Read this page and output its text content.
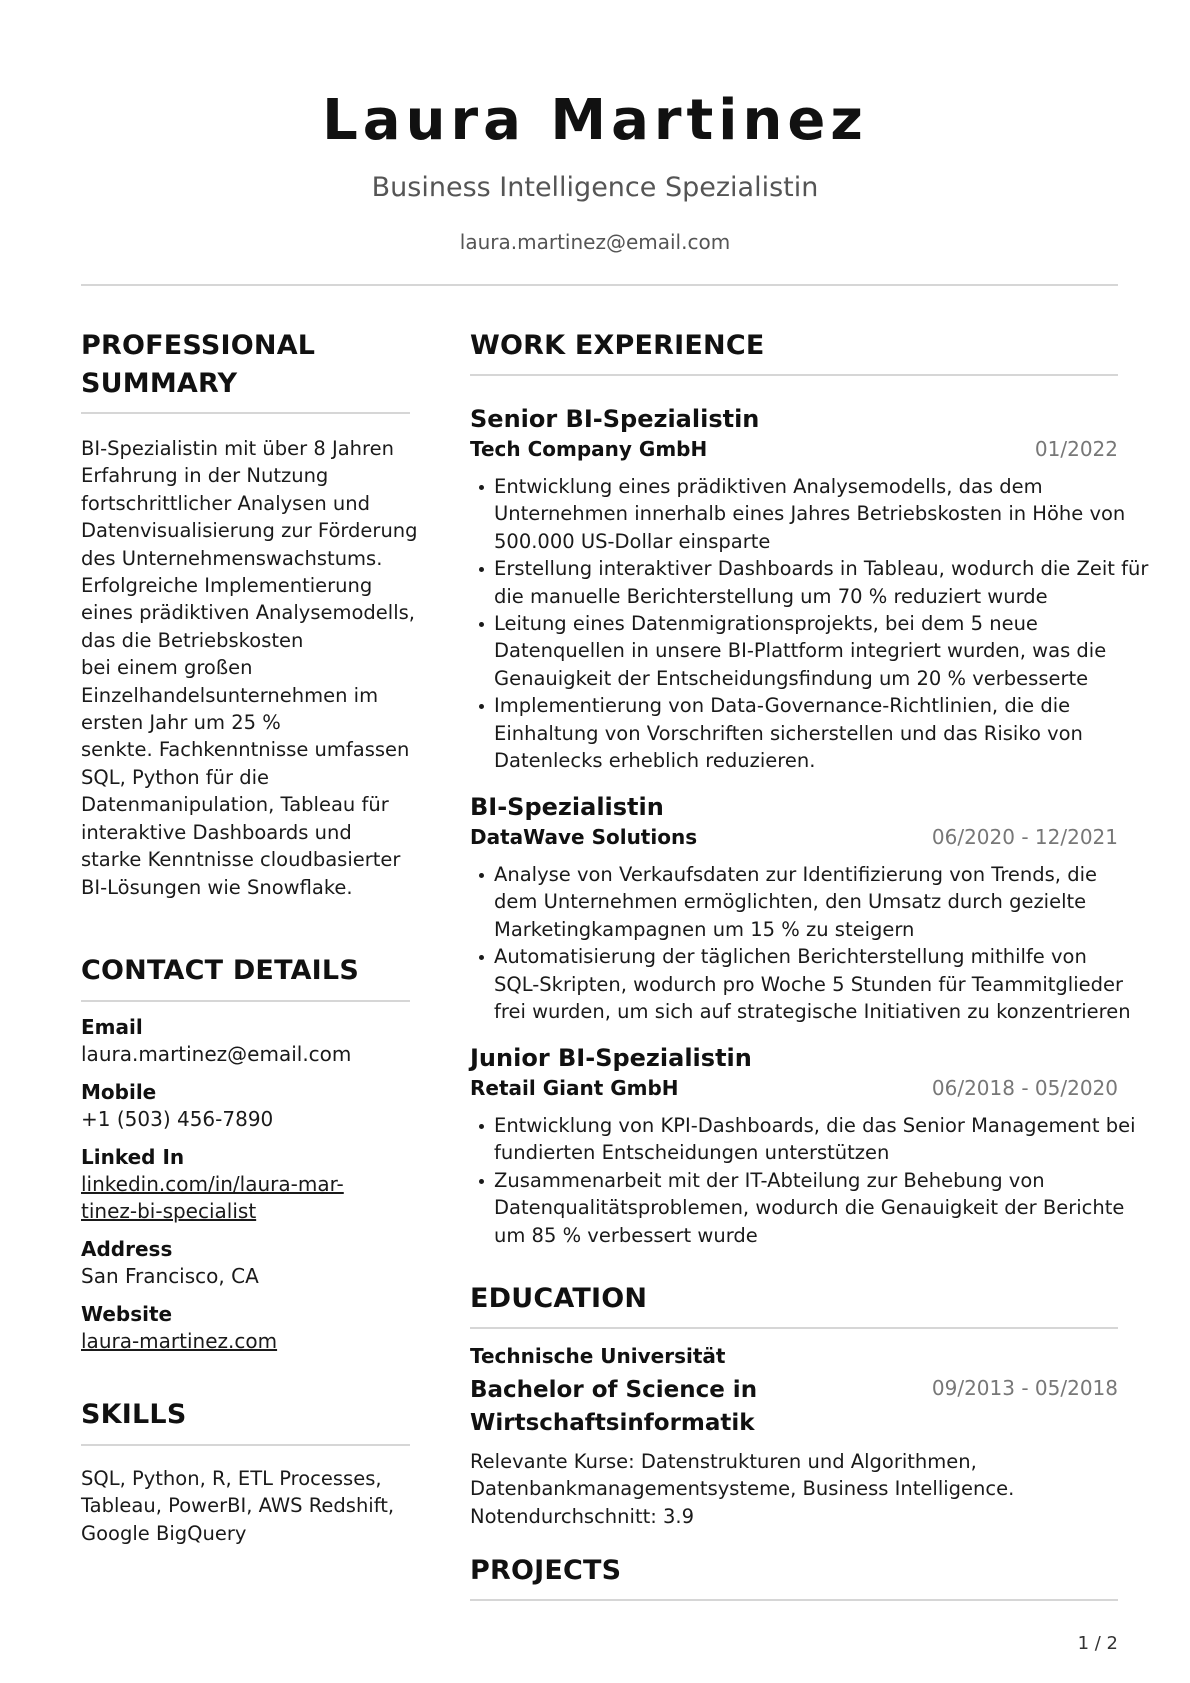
Laura Martinez
Business Intelligence Spezialistin
laura.martinez@email.com
PROFESSIONAL
SUMMARY
BI-Spezialistin mit über 8 Jahren
Erfahrung in der Nutzung
fortschrittlicher Analysen und
Datenvisualisierung zur Förderung
des Unternehmenswachstums.
Erfolgreiche Implementierung
eines prädiktiven Analysemodells,
das die Betriebskosten
bei einem großen
Einzelhandelsunternehmen im
ersten Jahr um 25 %
senkte. Fachkenntnisse umfassen
SQL, Python für die
Datenmanipulation, Tableau für
interaktive Dashboards und
starke Kenntnisse cloudbasierter
BI-Lösungen wie Snowflake.
CONTACT DETAILS
Email
laura.martinez@email.com
Mobile
+1 (503) 456-7890
Linked In
linkedin.com/in/laura-mar-
tinez-bi-specialist
Address
San Francisco, CA
Website
laura-martinez.com
SKILLS
SQL, Python, R, ETL Processes,
Tableau, PowerBI, AWS Redshift,
Google BigQuery
WORK EXPERIENCE
Senior BI-Spezialistin
Tech Company GmbH	01/2022
Entwicklung eines prädiktiven Analysemodells, das dem
Unternehmen innerhalb eines Jahres Betriebskosten in Höhe von
500.000 US-Dollar einsparte
Erstellung interaktiver Dashboards in Tableau, wodurch die Zeit für
die manuelle Berichterstellung um 70 % reduziert wurde
Leitung eines Datenmigrationsprojekts, bei dem 5 neue
Datenquellen in unsere BI-Plattform integriert wurden, was die
Genauigkeit der Entscheidungsfindung um 20 % verbesserte
Implementierung von Data-Governance-Richtlinien, die die
Einhaltung von Vorschriften sicherstellen und das Risiko von
Datenlecks erheblich reduzieren.
BI-Spezialistin
DataWave Solutions	06/2020 - 12/2021
Analyse von Verkaufsdaten zur Identifizierung von Trends, die
dem Unternehmen ermöglichten, den Umsatz durch gezielte
Marketingkampagnen um 15 % zu steigern
Automatisierung der täglichen Berichterstellung mithilfe von
SQL-Skripten, wodurch pro Woche 5 Stunden für Teammitglieder
frei wurden, um sich auf strategische Initiativen zu konzentrieren
Junior BI-Spezialistin
Retail Giant GmbH	06/2018 - 05/2020
Entwicklung von KPI-Dashboards, die das Senior Management bei
fundierten Entscheidungen unterstützen
Zusammenarbeit mit der IT-Abteilung zur Behebung von
Datenqualitätsproblemen, wodurch die Genauigkeit der Berichte
um 85 % verbessert wurde
EDUCATION
Technische Universität
Bachelor of Science in
Wirtschaftsinformatik
09/2013 - 05/2018
Relevante Kurse: Datenstrukturen und Algorithmen,
Datenbankmanagementsysteme, Business Intelligence.
Notendurchschnitt: 3.9
PROJECTS
1 / 2
